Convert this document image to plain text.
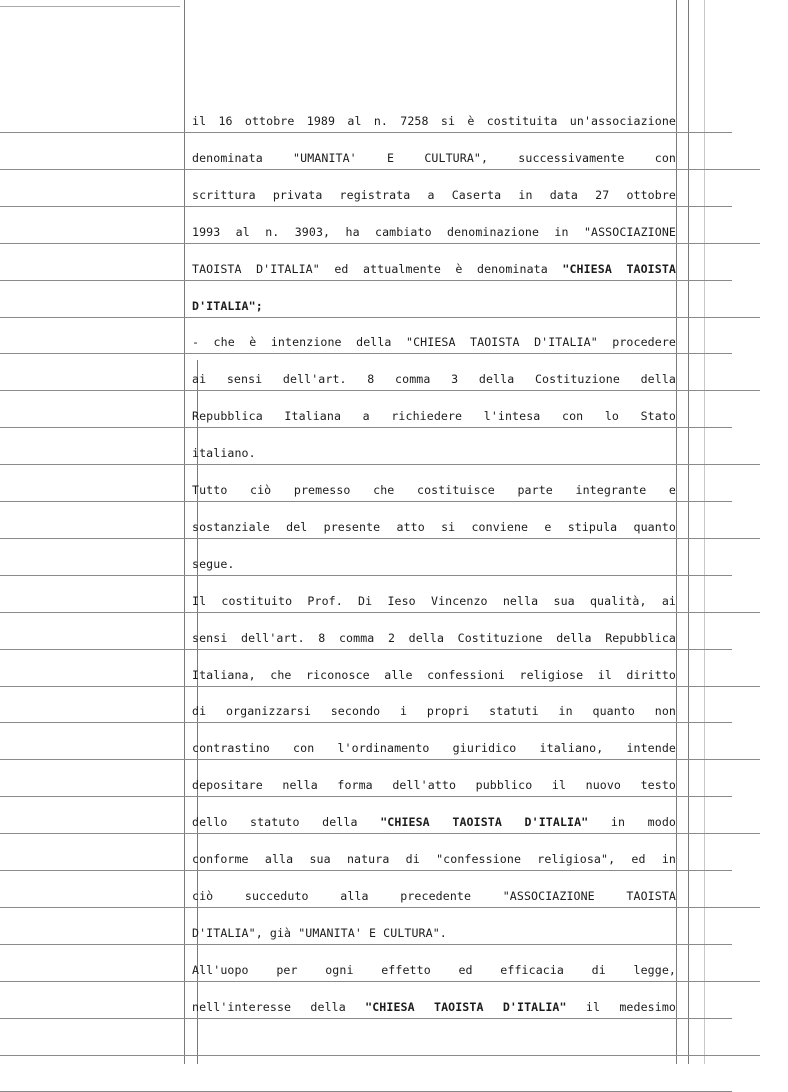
il 16 ottobre 1989 al n. 7258 si è costituita un'associazione
denominata "UMANITA' E CULTURA", successivamente con
scrittura privata registrata a Caserta in data 27 ottobre
1993 al n. 3903, ha cambiato denominazione in "ASSOCIAZIONE
TAOISTA D'ITALIA" ed attualmente è denominata "CHIESA TAOISTA
D'ITALIA";
- che è intenzione della "CHIESA TAOISTA D'ITALIA" procedere
ai sensi dell'art. 8 comma 3 della Costituzione della
Repubblica Italiana a richiedere l'intesa con lo Stato
italiano.
Tutto ciò premesso che costituisce parte integrante e
sostanziale del presente atto si conviene e stipula quanto
segue.
Il costituito Prof. Di Ieso Vincenzo nella sua qualità, ai
sensi dell'art. 8 comma 2 della Costituzione della Repubblica
Italiana, che riconosce alle confessioni religiose il diritto
di organizzarsi secondo i propri statuti in quanto non
contrastino con l'ordinamento giuridico italiano, intende
depositare nella forma dell'atto pubblico il nuovo testo
dello statuto della "CHIESA TAOISTA D'ITALIA" in modo
conforme alla sua natura di "confessione religiosa", ed in
ciò succeduto alla precedente "ASSOCIAZIONE TAOISTA
D'ITALIA", già "UMANITA' E CULTURA".
All'uopo per ogni effetto ed efficacia di legge,
nell'interesse della "CHIESA TAOISTA D'ITALIA" il medesimo
